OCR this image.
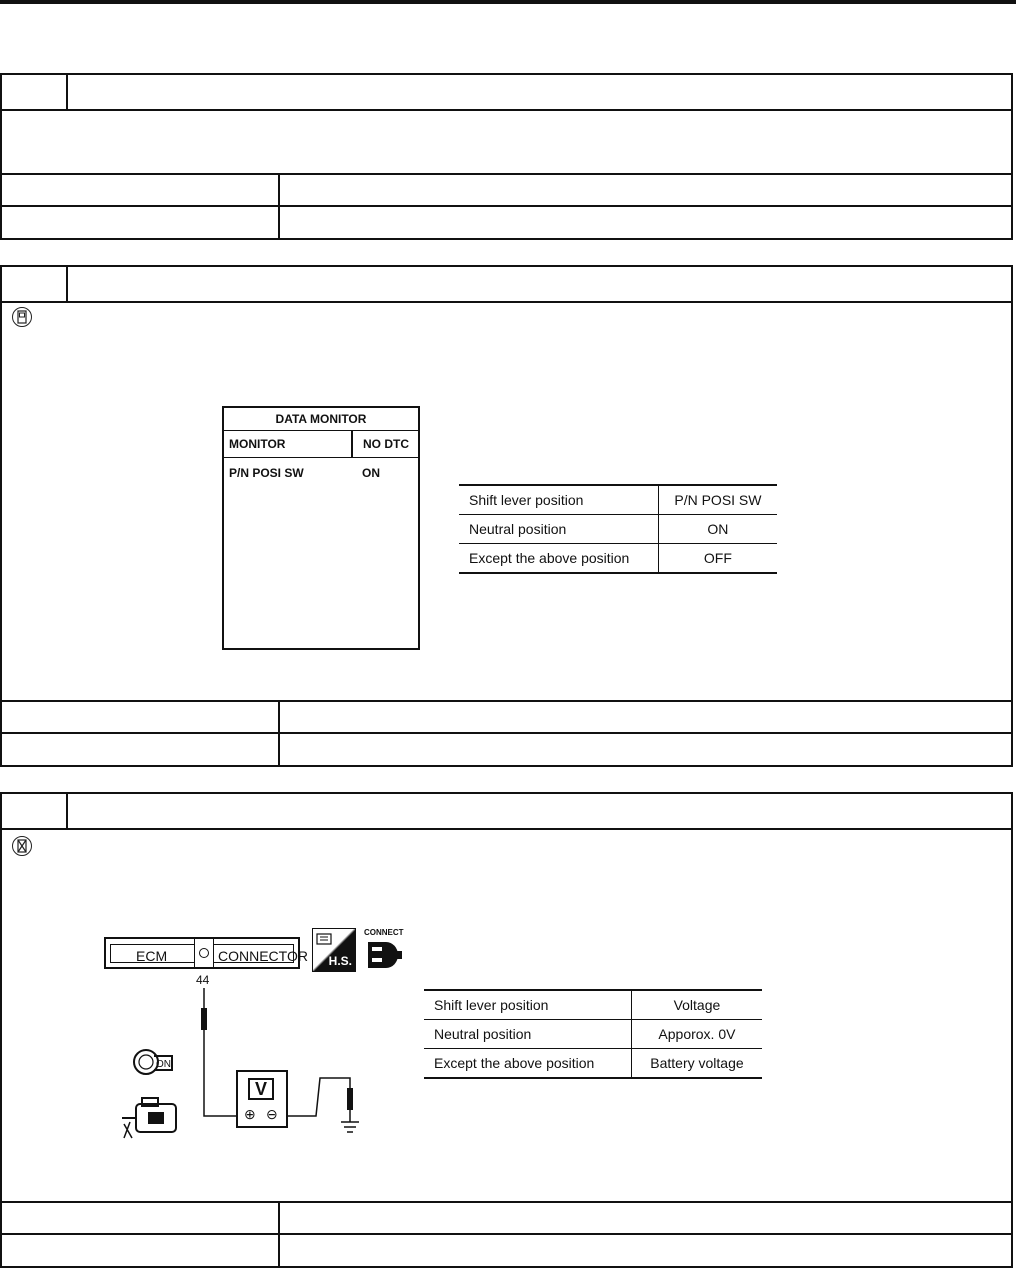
DATA MONITOR
MONITOR	NO DTC
P/N POSI SW	ON
Shift lever position	P/N POSI SW
Neutral position	ON
Except the above position	OFF
ECM	CONNECTOR
44
H.S.
CONNECT
V
⊕ ⊖
ON
Shift lever position	Voltage
Neutral position	Apporox. 0V
Except the above position	Battery voltage
